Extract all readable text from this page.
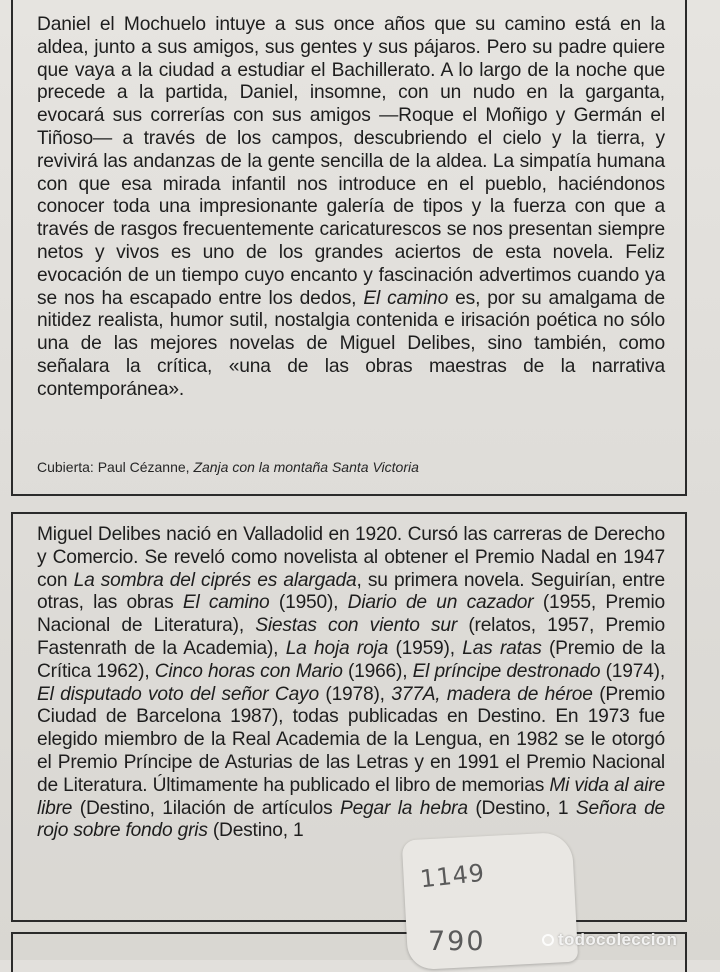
Daniel el Mochuelo intuye a sus once años que su camino está en la aldea, junto a sus amigos, sus gentes y sus pájaros. Pero su padre quiere que vaya a la ciudad a estudiar el Bachillerato. A lo largo de la noche que precede a la partida, Daniel, insomne, con un nudo en la garganta, evocará sus correrías con sus amigos —Roque el Moñigo y Germán el Tiñoso— a través de los campos, descubriendo el cielo y la tierra, y revivirá las andanzas de la gente sencilla de la aldea. La simpatía humana con que esa mirada infantil nos introduce en el pueblo, haciéndonos conocer toda una impresionante galería de tipos y la fuerza con que a través de rasgos frecuentemente caricaturescos se nos presentan siempre netos y vivos es uno de los grandes aciertos de esta novela. Feliz evocación de un tiempo cuyo encanto y fascinación advertimos cuando ya se nos ha escapado entre los dedos, El camino es, por su amalgama de nitidez realista, humor sutil, nostalgia contenida e irisación poética no sólo una de las mejores novelas de Miguel Delibes, sino también, como señalara la crítica, «una de las obras maestras de la narrativa contemporánea».

Cubierta: Paul Cézanne, Zanja con la montaña Santa Victoria

Miguel Delibes nació en Valladolid en 1920. Cursó las carreras de Derecho y Comercio. Se reveló como novelista al obtener el Premio Nadal en 1947 con La sombra del ciprés es alargada, su primera novela. Seguirían, entre otras, las obras El camino (1950), Diario de un cazador (1955, Premio Nacional de Literatura), Siestas con viento sur (relatos, 1957, Premio Fastenrath de la Academia), La hoja roja (1959), Las ratas (Premio de la Crítica 1962), Cinco horas con Mario (1966), El príncipe destronado (1974), El disputado voto del señor Cayo (1978), 377A, madera de héroe (Premio Ciudad de Barcelona 1987), todas publicadas en Destino. En 1973 fue elegido miembro de la Real Academia de la Lengua, en 1982 se le otorgó el Premio Príncipe de Asturias de las Letras y en 1991 el Premio Nacional de Literatura. Últimamente ha publicado el libro de memorias Mi vida al aire libre (Destino, 1ilación de artículos Pegar la hebra (Destino, 1 Señora de rojo sobre fondo gris (Destino, 1

1149
790	todocoleccion
